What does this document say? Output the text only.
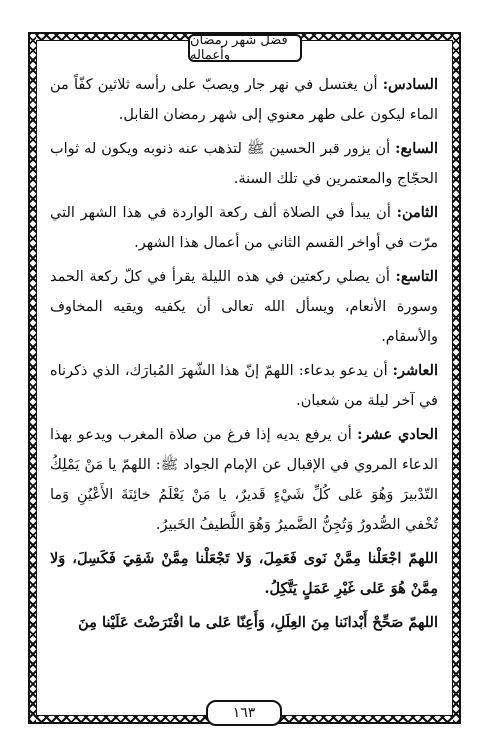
فضل شهر رمضان وأعماله

السادس: أن يغتسل في نهر جار ويصبّ على رأسه ثلاثين كفّاً من الماء ليكون على طهر معنوي إلى شهر رمضان القابل.

السابع: أن يزور قبر الحسين ﷺ لتذهب عنه ذنوبه ويكون له ثواب الحجّاج والمعتمرين في تلك السنة.

الثامن: أن يبدأ في الصلاة ألف ركعة الواردة في هذا الشهر التي مرّت في أواخر القسم الثاني من أعمال هذا الشهر.

التاسع: أن يصلي ركعتين في هذه الليلة يقرأ في كلّ ركعة الحمد وسورة الأنعام، ويسأل الله تعالى أن يكفيه ويقيه المخاوف والأسقام.

العاشر: أن يدعو بدعاء: اللهمّ إنّ هذا الشّهرَ المُبارَك، الذي ذكرناه في آخر ليلة من شعبان.

الحادي عشر: أن يرفع يديه إذا فرغ من صلاة المغرب ويدعو بهذا الدعاء المروي في الإقبال عن الإمام الجواد ﷺ: اللهمّ يا مَنْ يَمْلِكُ التّدْبيرَ وَهُوَ عَلى كُلِّ شَيْءٍ قَديرٌ، يا مَنْ يَعْلَمُ خائِنَةَ الأَعْيُنِ وَما تُخْفي الصُّدورُ وَتُجِنُّ الضَّميرُ وَهُوَ اللَّطيفُ الخَبيرُ.

اللهمّ اجْعَلْنا مِمَّنْ نَوى فَعَمِلَ، وَلا تَجْعَلْنا مِمَّنْ شَقِيَ فَكَسِلَ، وَلا مِمَّنْ هُوَ عَلى غَيْرِ عَمَلٍ يَتَّكِلُ.

اللهمّ صَحِّحْ أَبْدانَنا مِنَ العِلَلِ، وَأَعِنّا عَلى ما افْتَرَضْتَ عَلَيْنا مِنَ

١٦٣
